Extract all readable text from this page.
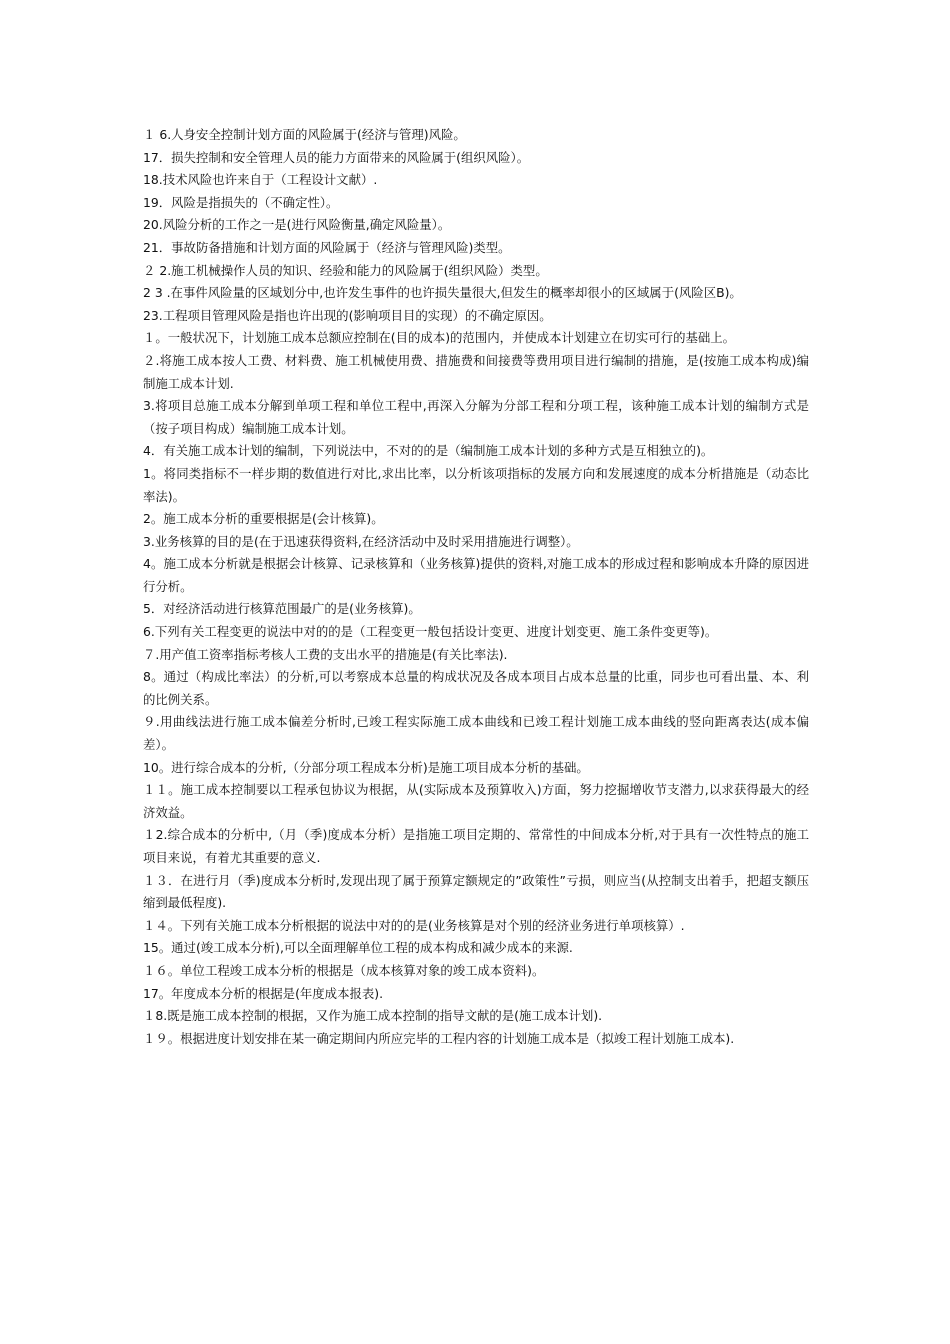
１ 6.人身安全控制计划方面的风险属于(经济与管理)风险。

17．损失控制和安全管理人员的能力方面带来的风险属于(组织风险）。

18.技术风险也许来自于（工程设计文献）.

19．风险是指损失的（不确定性）。

20.风险分析的工作之一是(进行风险衡量,确定风险量）。

21．事故防备措施和计划方面的风险属于（经济与管理风险)类型。

２ 2.施工机械操作人员的知识、经验和能力的风险属于(组织风险）类型。

2 3 .在事件风险量的区域划分中,也许发生事件的也许损失量很大,但发生的概率却很小的区域属于(风险区B)。

23.工程项目管理风险是指也许出现的(影响项目目的实现）的不确定原因。

１。一般状况下，计划施工成本总额应控制在(目的成本)的范围内，并使成本计划建立在切实可行的基础上。

２.将施工成本按人工费、材料费、施工机械使用费、措施费和间接费等费用项目进行编制的措施，是(按施工成本构成)编制施工成本计划.

3.将项目总施工成本分解到单项工程和单位工程中,再深入分解为分部工程和分项工程，该种施工成本计划的编制方式是（按子项目构成）编制施工成本计划。

4．有关施工成本计划的编制，下列说法中，不对的的是（编制施工成本计划的多种方式是互相独立的)。

1。将同类指标不一样步期的数值进行对比,求出比率，以分析该项指标的发展方向和发展速度的成本分析措施是（动态比率法)。

2。施工成本分析的重要根据是(会计核算)。

3.业务核算的目的是(在于迅速获得资料,在经济活动中及时采用措施进行调整）。

4。施工成本分析就是根据会计核算、记录核算和（业务核算)提供的资料,对施工成本的形成过程和影响成本升降的原因进行分析。

5．对经济活动进行核算范围最广的是(业务核算)。

6.下列有关工程变更的说法中对的的是（工程变更一般包括设计变更、进度计划变更、施工条件变更等)。

７.用产值工资率指标考核人工费的支出水平的措施是(有关比率法).

8。通过（构成比率法）的分析,可以考察成本总量的构成状况及各成本项目占成本总量的比重，同步也可看出量、本、利的比例关系。

９.用曲线法进行施工成本偏差分析时,已竣工程实际施工成本曲线和已竣工程计划施工成本曲线的竖向距离表达(成本偏差）。

10。进行综合成本的分析,（分部分项工程成本分析)是施工项目成本分析的基础。

１１。施工成本控制要以工程承包协议为根据，从(实际成本及预算收入)方面，努力挖掘增收节支潜力,以求获得最大的经济效益。

１2.综合成本的分析中,（月（季)度成本分析）是指施工项目定期的、常常性的中间成本分析,对于具有一次性特点的施工项目来说，有着尤其重要的意义.

１３．在进行月（季)度成本分析时,发现出现了属于预算定额规定的”政策性”亏损，则应当(从控制支出着手，把超支额压缩到最低程度).

１４。下列有关施工成本分析根据的说法中对的的是(业务核算是对个别的经济业务进行单项核算）.

15。通过(竣工成本分析),可以全面理解单位工程的成本构成和减少成本的来源.

１６。单位工程竣工成本分析的根据是（成本核算对象的竣工成本资料)。

17。年度成本分析的根据是(年度成本报表).

１8.既是施工成本控制的根据，又作为施工成本控制的指导文献的是(施工成本计划).

１９。根据进度计划安排在某一确定期间内所应完毕的工程内容的计划施工成本是（拟竣工程计划施工成本).
